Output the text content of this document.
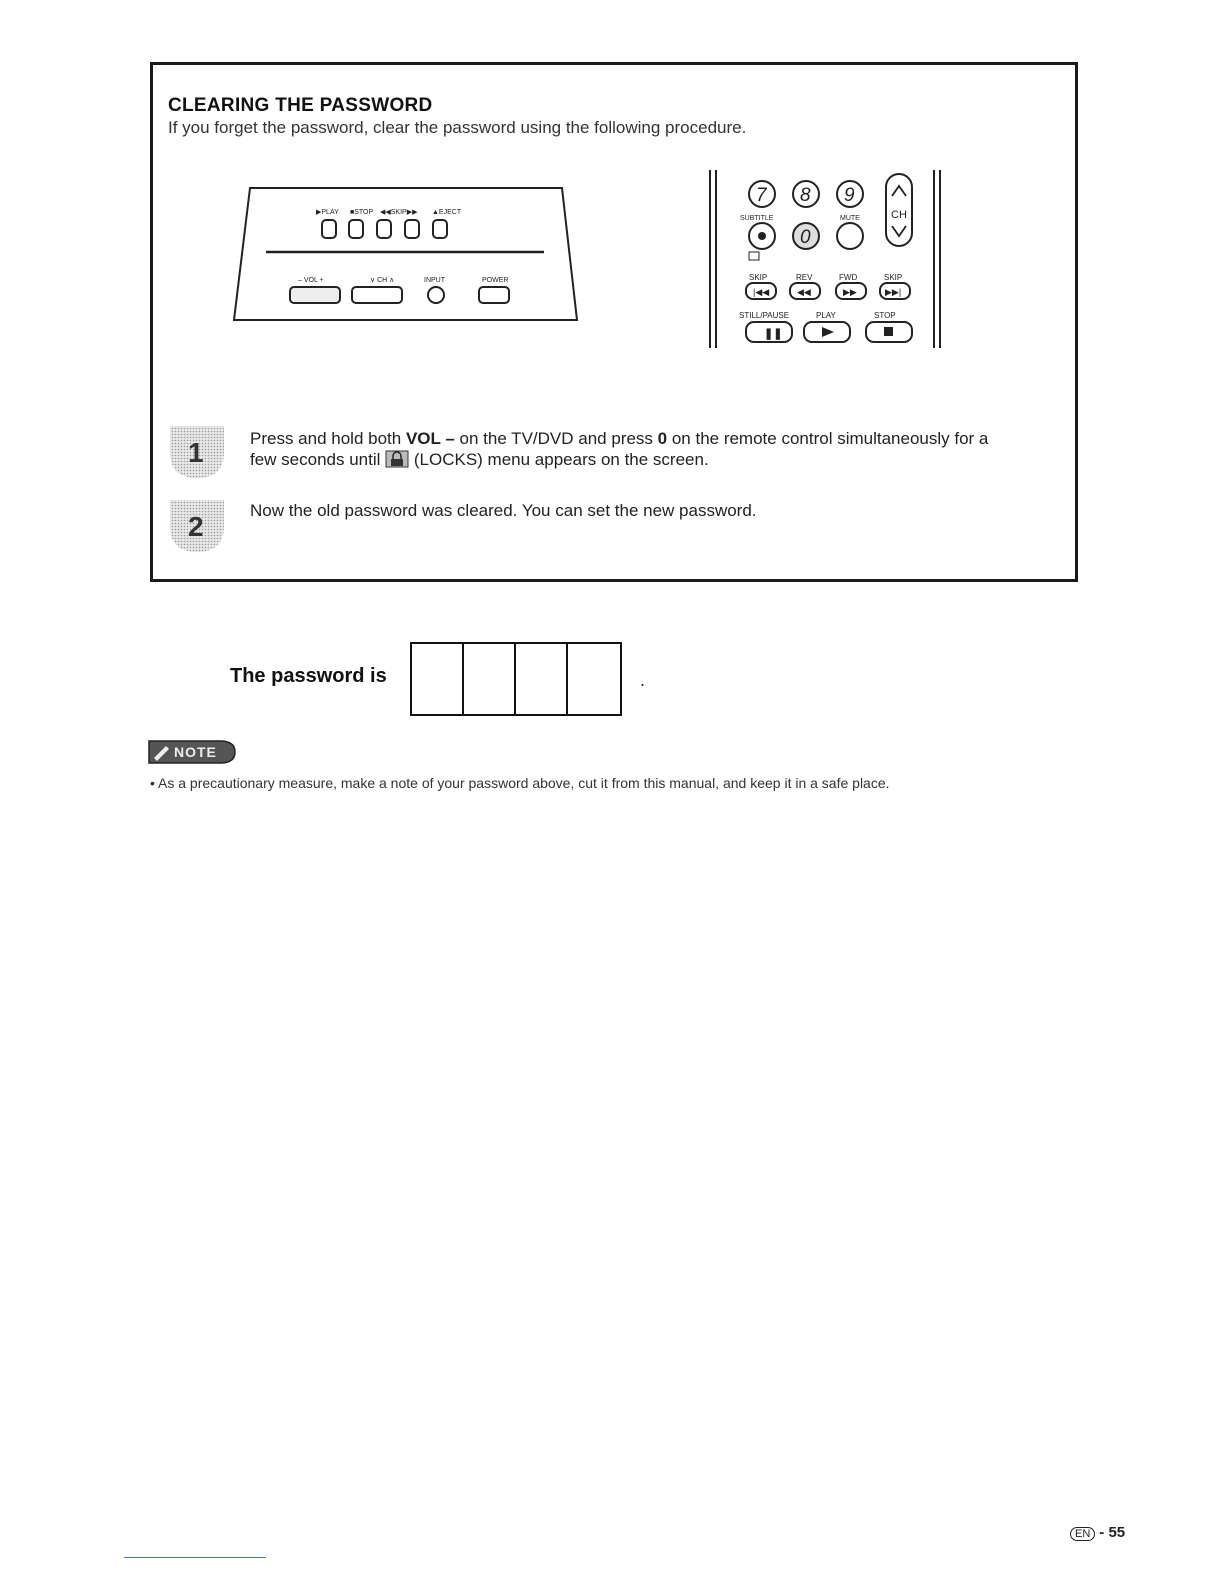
CLEARING THE PASSWORD
If you forget the password, clear the password using the following procedure.
▶PLAY ■STOP ◀◀SKIP▶▶ ▲EJECT
– VOL +	∨ CH ∧	INPUT	POWER
7 8 9
CH
SUBTITLE	MUTE
0
SKIP	REV	FWD	SKIP
|◀◀	◀◀	▶▶	▶▶|
STILL/PAUSE	PLAY	STOP
❚❚
1	Press and hold both VOL – on the TV/DVD and press 0 on the remote control simultaneously for a
few seconds until  (LOCKS) menu appears on the screen.
2
Now the old password was cleared. You can set the new password.
The password is	.
NOTE
• As a precautionary measure, make a note of your password above, cut it from this manual, and keep it in a safe place.
EN - 55
